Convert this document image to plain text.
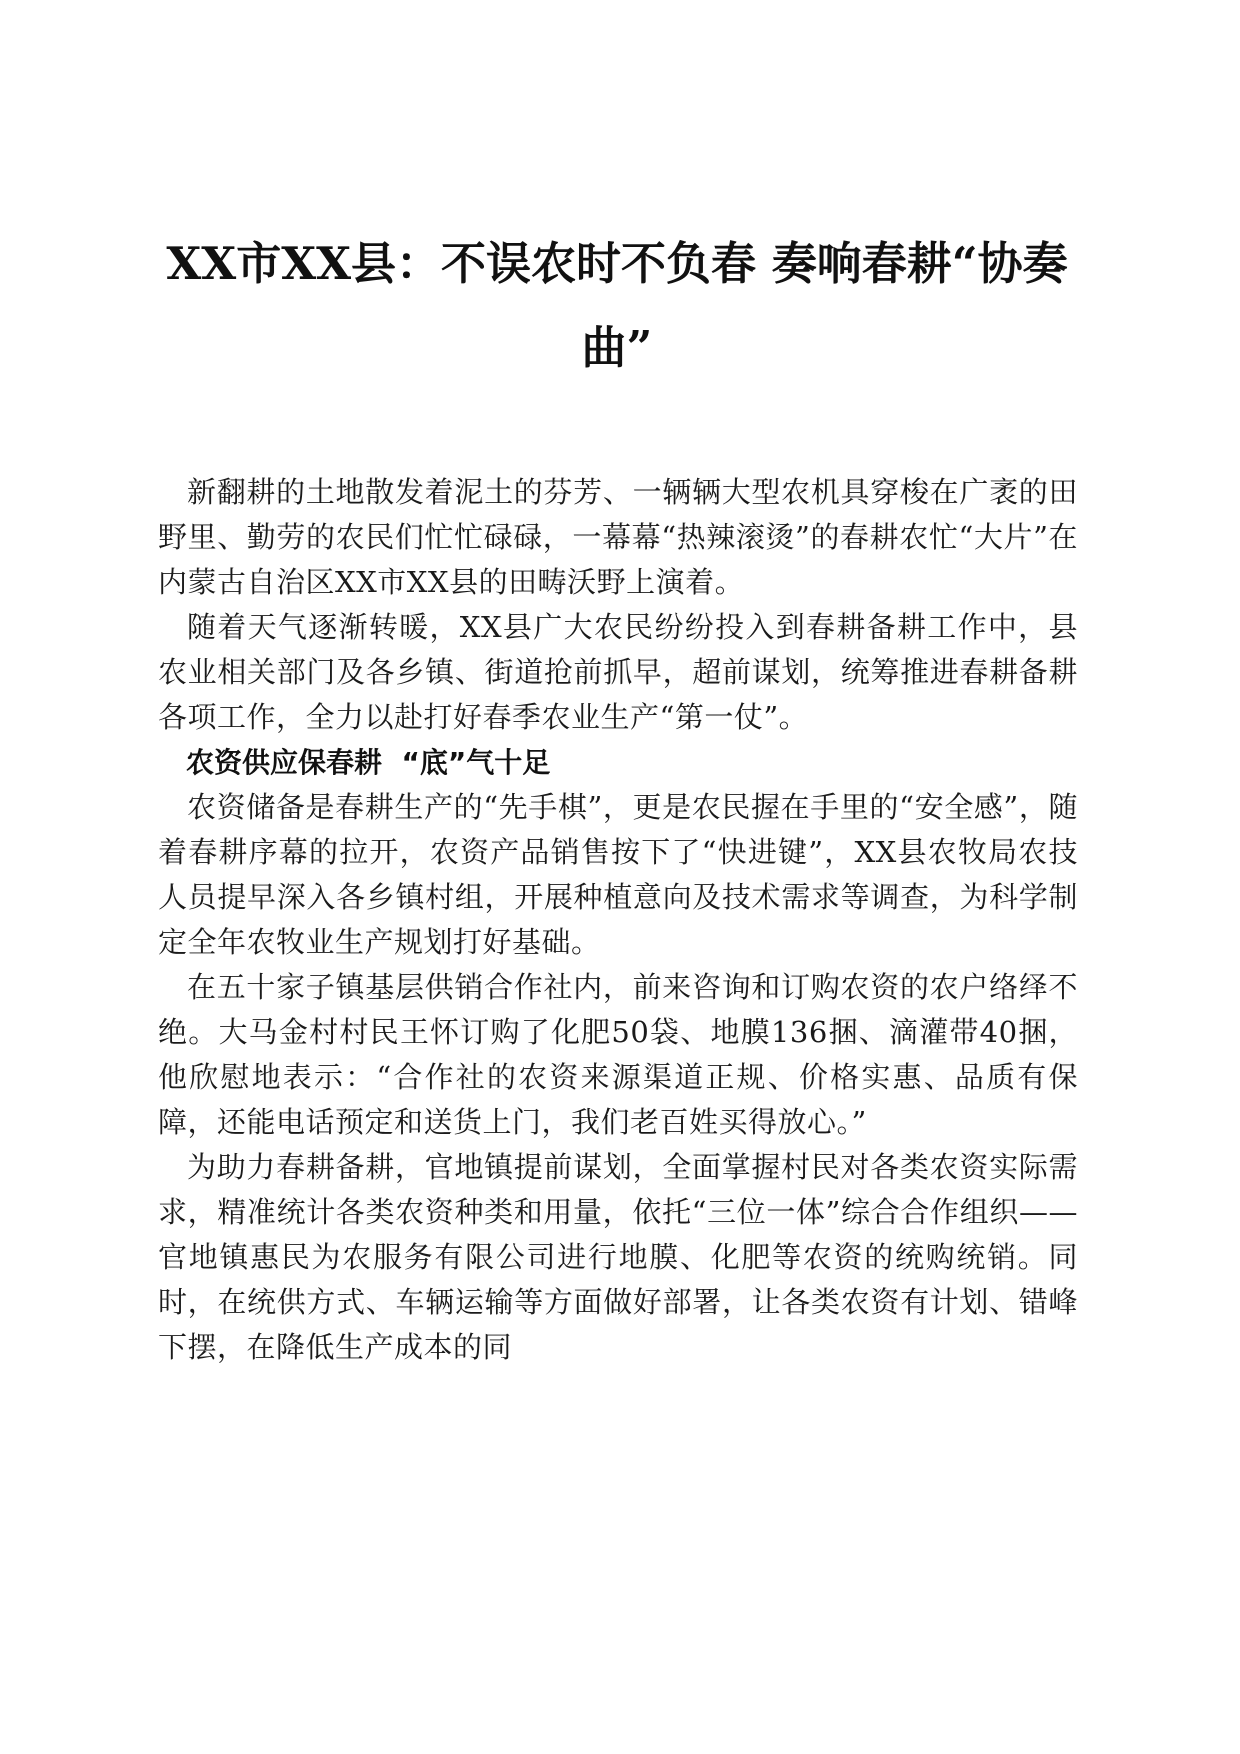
XX市XX县：不误农时不负春 奏响春耕“协奏曲”

新翻耕的土地散发着泥土的芬芳、一辆辆大型农机具穿梭在广袤的田野里、勤劳的农民们忙忙碌碌，一幕幕“热辣滚烫”的春耕农忙“大片”在内蒙古自治区XX市XX县的田畴沃野上演着。

随着天气逐渐转暖，XX县广大农民纷纷投入到春耕备耕工作中，县农业相关部门及各乡镇、街道抢前抓早，超前谋划，统筹推进春耕备耕各项工作，全力以赴打好春季农业生产“第一仗”。

农资供应保春耕  “底”气十足

农资储备是春耕生产的“先手棋”，更是农民握在手里的“安全感”，随着春耕序幕的拉开，农资产品销售按下了“快进键”，XX县农牧局农技人员提早深入各乡镇村组，开展种植意向及技术需求等调查，为科学制定全年农牧业生产规划打好基础。

在五十家子镇基层供销合作社内，前来咨询和订购农资的农户络绎不绝。大马金村村民王怀订购了化肥50袋、地膜136捆、滴灌带40捆，他欣慰地表示：“合作社的农资来源渠道正规、价格实惠、品质有保障，还能电话预定和送货上门，我们老百姓买得放心。”

为助力春耕备耕，官地镇提前谋划，全面掌握村民对各类农资实际需求，精准统计各类农资种类和用量，依托“三位一体”综合合作组织——官地镇惠民为农服务有限公司进行地膜、化肥等农资的统购统销。同时，在统供方式、车辆运输等方面做好部署，让各类农资有计划、错峰下摆，在降低生产成本的同
